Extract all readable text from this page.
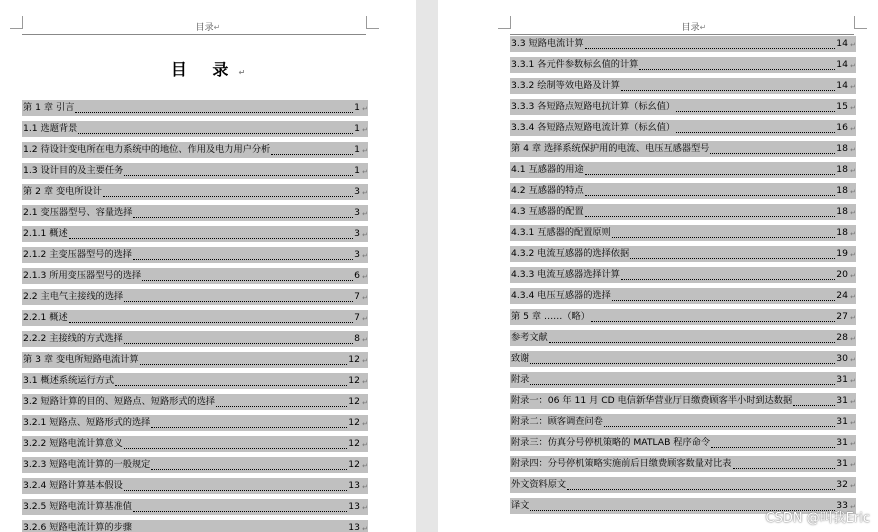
目录↵
目 录↵
第 1 章 引言	1 ↵
1.1 选题背景	1 ↵
1.2 待设计变电所在电力系统中的地位、作用及电力用户分析	1 ↵
1.3 设计目的及主要任务	1 ↵
第 2 章 变电所设计	3 ↵
2.1 变压器型号、容量选择	3 ↵
2.1.1 概述	3 ↵
2.1.2 主变压器型号的选择	3 ↵
2.1.3 所用变压器型号的选择	6 ↵
2.2 主电气主接线的选择	7 ↵
2.2.1 概述	7 ↵
2.2.2 主接线的方式选择	8 ↵
第 3 章 变电所短路电流计算	12 ↵
3.1 概述系统运行方式	12 ↵
3.2 短路计算的目的、短路点、短路形式的选择	12 ↵
3.2.1 短路点、短路形式的选择	12 ↵
3.2.2 短路电流计算意义	12 ↵
3.2.3 短路电流计算的一般规定	12 ↵
3.2.4 短路计算基本假设	13 ↵
3.2.5 短路电流计算基准值	13 ↵
3.2.6 短路电流计算的步骤	13 ↵
目录↵
3.3 短路电流计算	14 ↵
3.3.1 各元件参数标幺值的计算	14 ↵
3.3.2 绘制等效电路及计算	14 ↵
3.3.3 各短路点短路电抗计算（标幺值）	15 ↵
3.3.4 各短路点短路电流计算（标幺值）	16 ↵
第 4 章 选择系统保护用的电流、电压互感器型号	18 ↵
4.1 互感器的用途	18 ↵
4.2 互感器的特点	18 ↵
4.3 互感器的配置	18 ↵
4.3.1 互感器的配置原则	18 ↵
4.3.2 电流互感器的选择依据	19 ↵
4.3.3 电流互感器选择计算	20 ↵
4.3.4 电压互感器的选择	24 ↵
第 5 章 ……（略）	27 ↵
参考文献	28 ↵
致谢	30 ↵
附录	31 ↵
附录一：06 年 11 月 CD 电信新华营业厅日缴费顾客半小时到达数据	31 ↵
附录二：顾客调查问卷	31 ↵
附录三：仿真分号停机策略的 MATLAB 程序命令	31 ↵
附录四：分号停机策略实施前后日缴费顾客数量对比表	31 ↵
外文资料原文	32 ↵
译文	33 ↵
CSDN @叫我Eric
